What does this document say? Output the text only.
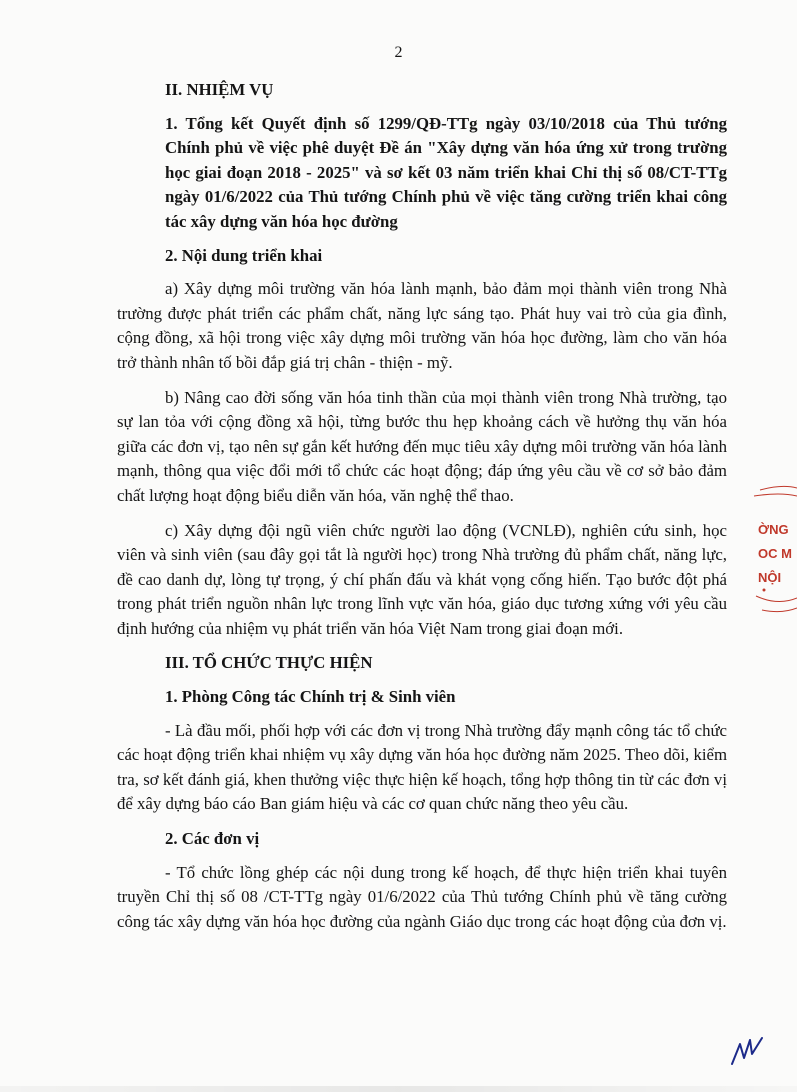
2

II. NHIỆM VỤ

1. Tổng kết Quyết định số 1299/QĐ-TTg ngày 03/10/2018 của Thủ tướng Chính phủ về việc phê duyệt Đề án "Xây dựng văn hóa ứng xử trong trường học giai đoạn 2018 - 2025" và sơ kết 03 năm triển khai Chỉ thị số 08/CT-TTg ngày 01/6/2022 của Thủ tướng Chính phủ về việc tăng cường triển khai công tác xây dựng văn hóa học đường

2. Nội dung triển khai

a) Xây dựng môi trường văn hóa lành mạnh, bảo đảm mọi thành viên trong Nhà trường được phát triển các phẩm chất, năng lực sáng tạo. Phát huy vai trò của gia đình, cộng đồng, xã hội trong việc xây dựng môi trường văn hóa học đường, làm cho văn hóa trở thành nhân tố bồi đắp giá trị chân - thiện - mỹ.

b) Nâng cao đời sống văn hóa tinh thần của mọi thành viên trong Nhà trường, tạo sự lan tỏa với cộng đồng xã hội, từng bước thu hẹp khoảng cách về hưởng thụ văn hóa giữa các đơn vị, tạo nên sự gắn kết hướng đến mục tiêu xây dựng môi trường văn hóa lành mạnh, thông qua việc đổi mới tổ chức các hoạt động; đáp ứng yêu cầu về cơ sở bảo đảm chất lượng hoạt động biểu diễn văn hóa, văn nghệ thể thao.

c) Xây dựng đội ngũ viên chức người lao động (VCNLĐ), nghiên cứu sinh, học viên và sinh viên (sau đây gọi tắt là người học) trong Nhà trường đủ phẩm chất, năng lực, đề cao danh dự, lòng tự trọng, ý chí phấn đấu và khát vọng cống hiến. Tạo bước đột phá trong phát triển nguồn nhân lực trong lĩnh vực văn hóa, giáo dục tương xứng với yêu cầu định hướng của nhiệm vụ phát triển văn hóa Việt Nam trong giai đoạn mới.

III. TỔ CHỨC THỰC HIỆN

1. Phòng Công tác Chính trị & Sinh viên

- Là đầu mối, phối hợp với các đơn vị trong Nhà trường đẩy mạnh công tác tổ chức các hoạt động triển khai nhiệm vụ xây dựng văn hóa học đường năm 2025. Theo dõi, kiểm tra, sơ kết đánh giá, khen thưởng việc thực hiện kế hoạch, tổng hợp thông tin từ các đơn vị để xây dựng báo cáo Ban giám hiệu và các cơ quan chức năng theo yêu cầu.

2. Các đơn vị

- Tổ chức lồng ghép các nội dung trong kế hoạch, để thực hiện triển khai tuyên truyền Chỉ thị số 08 /CT-TTg ngày 01/6/2022 của Thủ tướng Chính phủ về tăng cường công tác xây dựng văn hóa học đường của ngành Giáo dục trong các hoạt động của đơn vị.

ỜNG
OC M
NỘI
